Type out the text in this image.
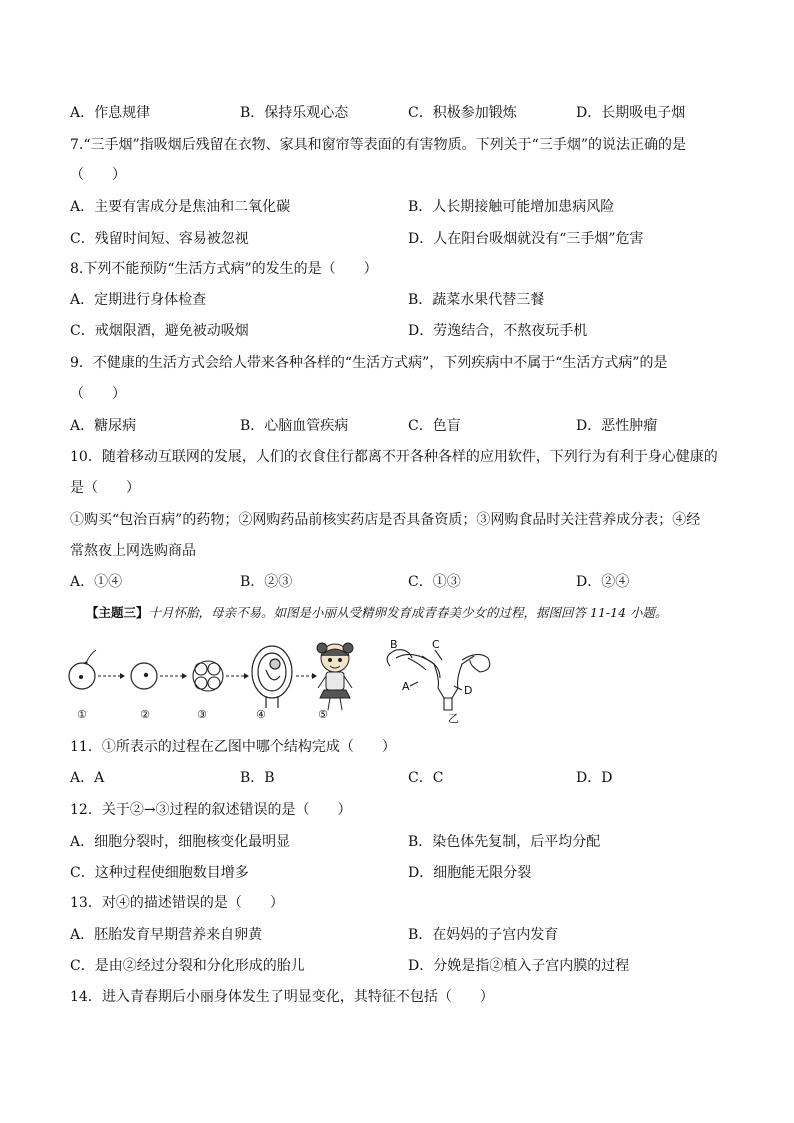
A．作息规律	B．保持乐观心态	C．积极参加锻炼	D．长期吸电子烟
7.“三手烟”指吸烟后残留在衣物、家具和窗帘等表面的有害物质。下列关于“三手烟”的说法正确的是
（　　）
A．主要有害成分是焦油和二氧化碳	B．人长期接触可能增加患病风险
C．残留时间短、容易被忽视	D．人在阳台吸烟就没有“三手烟”危害
8.下列不能预防“生活方式病”的发生的是（　　）
A．定期进行身体检查	B．蔬菜水果代替三餐
C．戒烟限酒，避免被动吸烟	D．劳逸结合，不熬夜玩手机
9．不健康的生活方式会给人带来各种各样的“生活方式病”，下列疾病中不属于“生活方式病”的是
（　　）
A．糖尿病	B．心脑血管疾病	C．色盲	D．恶性肿瘤
10．随着移动互联网的发展，人们的衣食住行都离不开各种各样的应用软件，下列行为有利于身心健康的
是（　　）
①购买“包治百病”的药物；②网购药品前核实药店是否具备资质；③网购食品时关注营养成分表；④经
常熬夜上网选购商品
A．①④	B．②③	C．①③	D．②④
【主题三】十月怀胎，母亲不易。如图是小丽从受精卵发育成青春美少女的过程，据图回答 11-14 小题。
①	②	③	④	⑤
B	C
A	D
乙
11．①所表示的过程在乙图中哪个结构完成（　　）
A．A	B．B	C．C	D．D
12．关于②→③过程的叙述错误的是（　　）
A．细胞分裂时，细胞核变化最明显	B．染色体先复制，后平均分配
C．这种过程使细胞数目增多	D．细胞能无限分裂
13．对④的描述错误的是（　　）
A．胚胎发育早期营养来自卵黄	B．在妈妈的子宫内发育
C．是由②经过分裂和分化形成的胎儿	D．分娩是指②植入子宫内膜的过程
14．进入青春期后小丽身体发生了明显变化，其特征不包括（　　）
